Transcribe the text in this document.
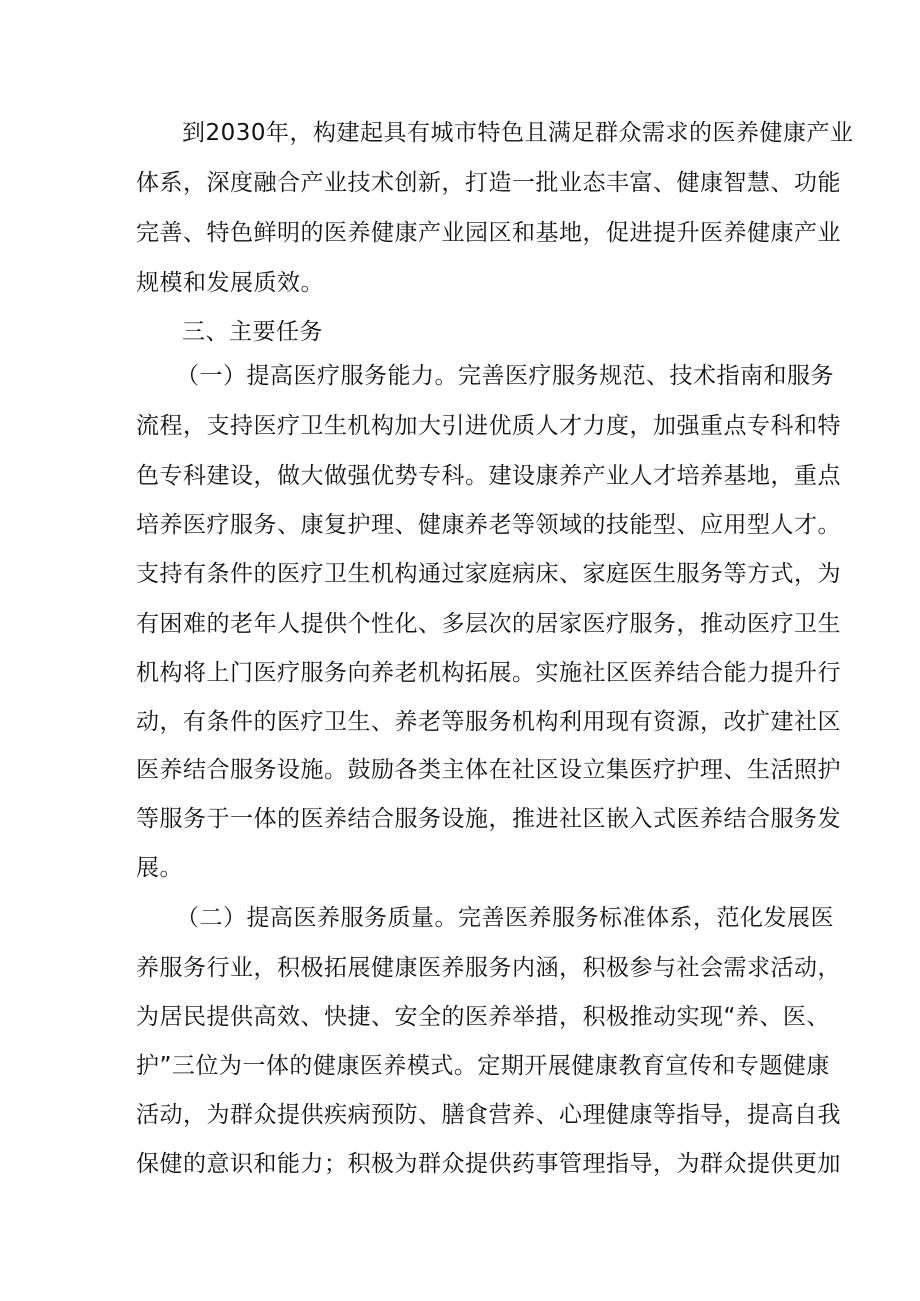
到2030年，构建起具有城市特色且满足群众需求的医养健康产业
体系，深度融合产业技术创新，打造一批业态丰富、健康智慧、功能
完善、特色鲜明的医养健康产业园区和基地，促进提升医养健康产业
规模和发展质效。
三、主要任务
（一）提高医疗服务能力。完善医疗服务规范、技术指南和服务
流程，支持医疗卫生机构加大引进优质人才力度，加强重点专科和特
色专科建设，做大做强优势专科。建设康养产业人才培养基地，重点
培养医疗服务、康复护理、健康养老等领域的技能型、应用型人才。
支持有条件的医疗卫生机构通过家庭病床、家庭医生服务等方式，为
有困难的老年人提供个性化、多层次的居家医疗服务，推动医疗卫生
机构将上门医疗服务向养老机构拓展。实施社区医养结合能力提升行
动，有条件的医疗卫生、养老等服务机构利用现有资源，改扩建社区
医养结合服务设施。鼓励各类主体在社区设立集医疗护理、生活照护
等服务于一体的医养结合服务设施，推进社区嵌入式医养结合服务发
展。
（二）提高医养服务质量。完善医养服务标准体系，范化发展医
养服务行业，积极拓展健康医养服务内涵，积极参与社会需求活动，
为居民提供高效、快捷、安全的医养举措，积极推动实现“养、医、
护”三位为一体的健康医养模式。定期开展健康教育宣传和专题健康
活动，为群众提供疾病预防、膳食营养、心理健康等指导，提高自我
保健的意识和能力；积极为群众提供药事管理指导，为群众提供更加
